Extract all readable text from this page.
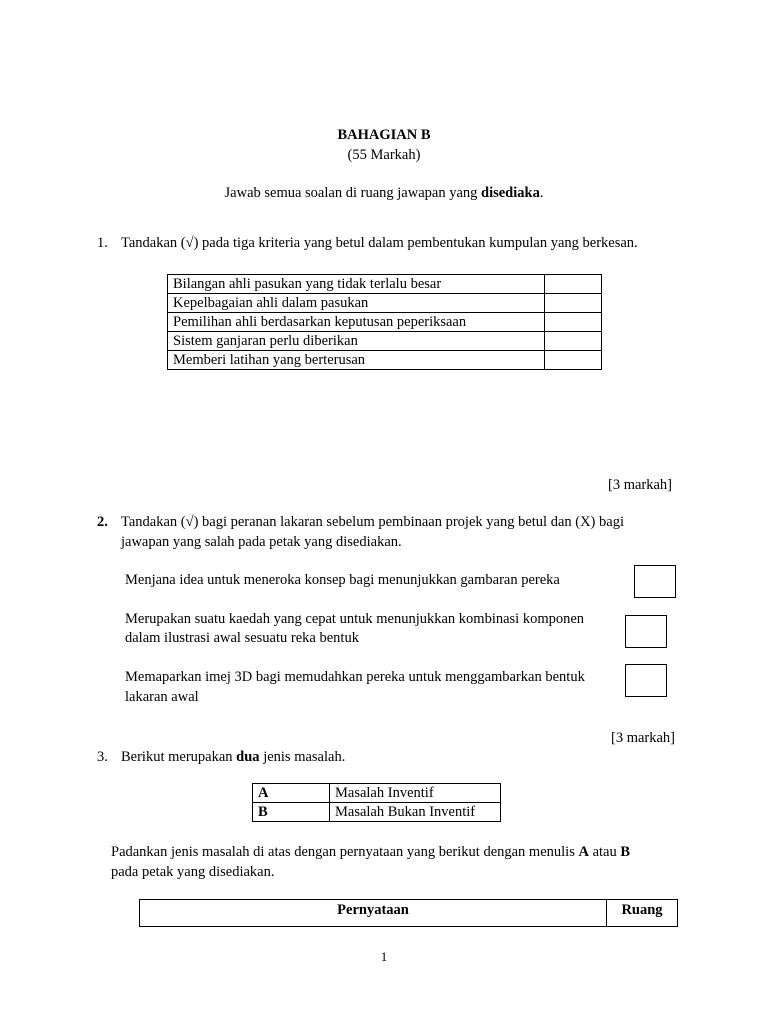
BAHAGIAN B
(55 Markah)
Jawab semua soalan di ruang jawapan yang disediaka.
1. Tandakan (√) pada tiga kriteria yang betul dalam pembentukan kumpulan yang berkesan.
Bilangan ahli pasukan yang tidak terlalu besar	
Kepelbagaian ahli dalam pasukan	
Pemilihan ahli berdasarkan keputusan peperiksaan	
Sistem ganjaran perlu diberikan	
Memberi latihan yang berterusan	
[3 markah]
2. Tandakan (√) bagi peranan lakaran sebelum pembinaan projek yang betul dan (X) bagi
jawapan yang salah pada petak yang disediakan.
Menjana idea untuk meneroka konsep bagi menunjukkan gambaran pereka
Merupakan suatu kaedah yang cepat untuk menunjukkan kombinasi komponen
dalam ilustrasi awal sesuatu reka bentuk
Memaparkan imej 3D bagi memudahkan pereka untuk menggambarkan bentuk
lakaran awal
[3 markah]
3. Berikut merupakan dua jenis masalah.
A	Masalah Inventif
B	Masalah Bukan Inventif
Padankan jenis masalah di atas dengan pernyataan yang berikut dengan menulis A atau B
pada petak yang disediakan.
Pernyataan	Ruang
1
